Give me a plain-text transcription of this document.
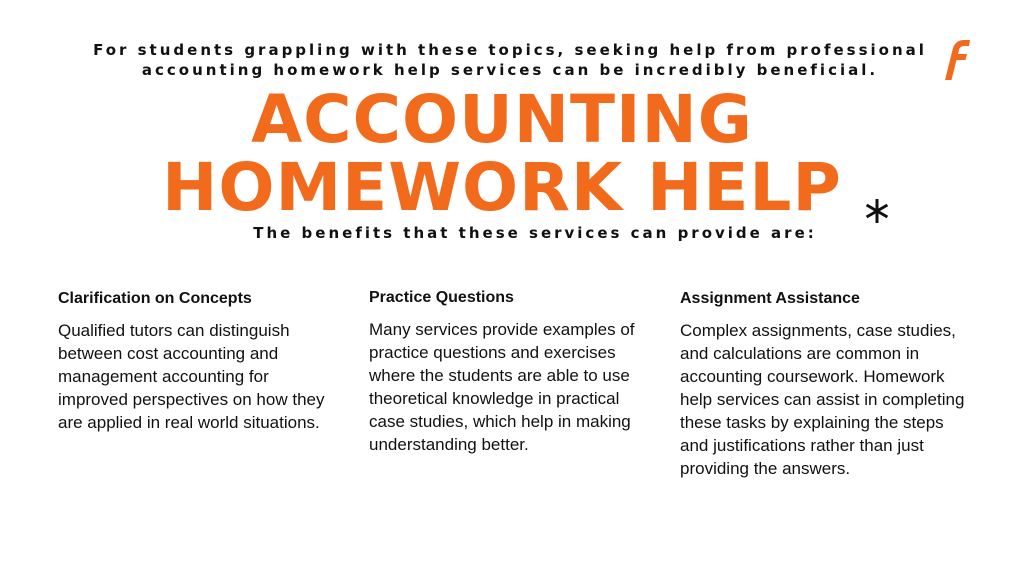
For students grappling with these topics, seeking help from professional accounting homework help services can be incredibly beneficial.
ACCOUNTING
HOMEWORK HELP
The benefits that these services can provide are:
Clarification on Concepts

Qualified tutors can distinguish between cost accounting and management accounting for improved perspectives on how they are applied in real world situations.

Practice Questions

Many services provide examples of practice questions and exercises where the students are able to use theoretical knowledge in practical case studies, which help in making understanding better.

Assignment Assistance

Complex assignments, case studies, and calculations are common in accounting coursework. Homework help services can assist in completing these tasks by explaining the steps and justifications rather than just providing the answers.
